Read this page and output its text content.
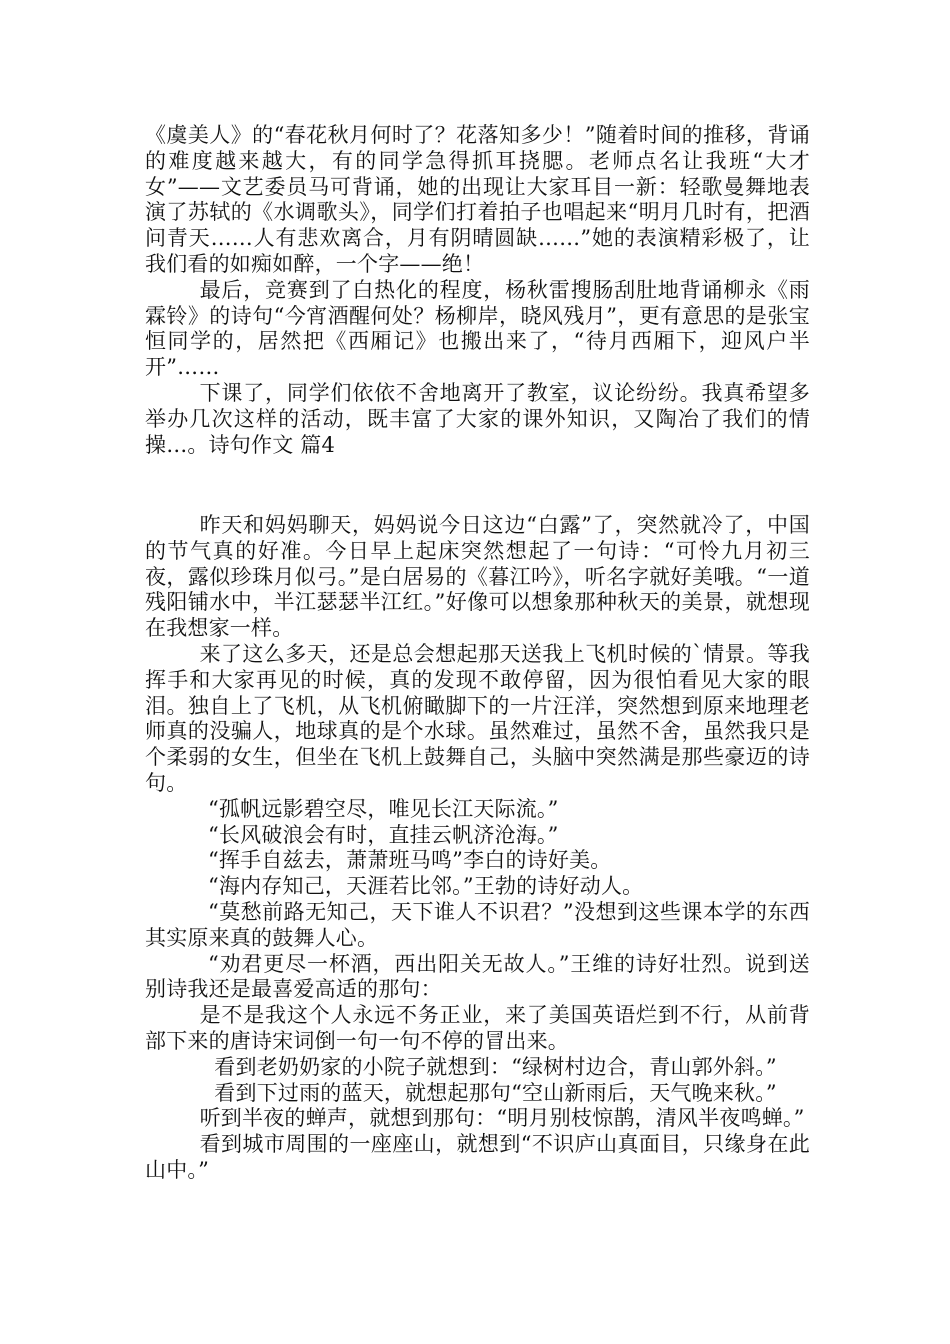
《虞美人》的“春花秋月何时了？花落知多少！”随着时间的推移，背诵的难度越来越大，有的同学急得抓耳挠腮。老师点名让我班“大才女”——文艺委员马可背诵，她的出现让大家耳目一新：轻歌曼舞地表演了苏轼的《水调歌头》，同学们打着拍子也唱起来“明月几时有，把酒问青天……人有悲欢离合，月有阴晴圆缺……”她的表演精彩极了，让我们看的如痴如醉，一个字——绝！

最后，竞赛到了白热化的程度，杨秋雷搜肠刮肚地背诵柳永《雨霖铃》的诗句“今宵酒醒何处？杨柳岸，晓风残月”，更有意思的是张宝恒同学的，居然把《西厢记》也搬出来了，“待月西厢下，迎风户半开”……

下课了，同学们依依不舍地离开了教室，议论纷纷。我真希望多举办几次这样的活动，既丰富了大家的课外知识，又陶冶了我们的情操…。诗句作文 篇4

昨天和妈妈聊天，妈妈说今日这边“白露”了，突然就冷了，中国的节气真的好准。今日早上起床突然想起了一句诗：“可怜九月初三夜，露似珍珠月似弓。”是白居易的《暮江吟》，听名字就好美哦。“一道残阳铺水中，半江瑟瑟半江红。”好像可以想象那种秋天的美景，就想现在我想家一样。

来了这么多天，还是总会想起那天送我上飞机时候的`情景。等我挥手和大家再见的时候，真的发现不敢停留，因为很怕看见大家的眼泪。独自上了飞机，从飞机俯瞰脚下的一片汪洋，突然想到原来地理老师真的没骗人，地球真的是个水球。虽然难过，虽然不舍，虽然我只是个柔弱的女生，但坐在飞机上鼓舞自己，头脑中突然满是那些豪迈的诗句。

“孤帆远影碧空尽，唯见长江天际流。”

“长风破浪会有时，直挂云帆济沧海。”

“挥手自兹去，萧萧班马鸣”李白的诗好美。

“海内存知己，天涯若比邻。”王勃的诗好动人。

“莫愁前路无知己，天下谁人不识君？”没想到这些课本学的东西其实原来真的鼓舞人心。

“劝君更尽一杯酒，西出阳关无故人。”王维的诗好壮烈。说到送别诗我还是最喜爱高适的那句：

是不是我这个人永远不务正业，来了美国英语烂到不行，从前背部下来的唐诗宋词倒一句一句不停的冒出来。

看到老奶奶家的小院子就想到：“绿树村边合，青山郭外斜。”

看到下过雨的蓝天，就想起那句“空山新雨后，天气晚来秋。”

听到半夜的蝉声，就想到那句：“明月别枝惊鹊，清风半夜鸣蝉。”

看到城市周围的一座座山，就想到“不识庐山真面目，只缘身在此山中。”
